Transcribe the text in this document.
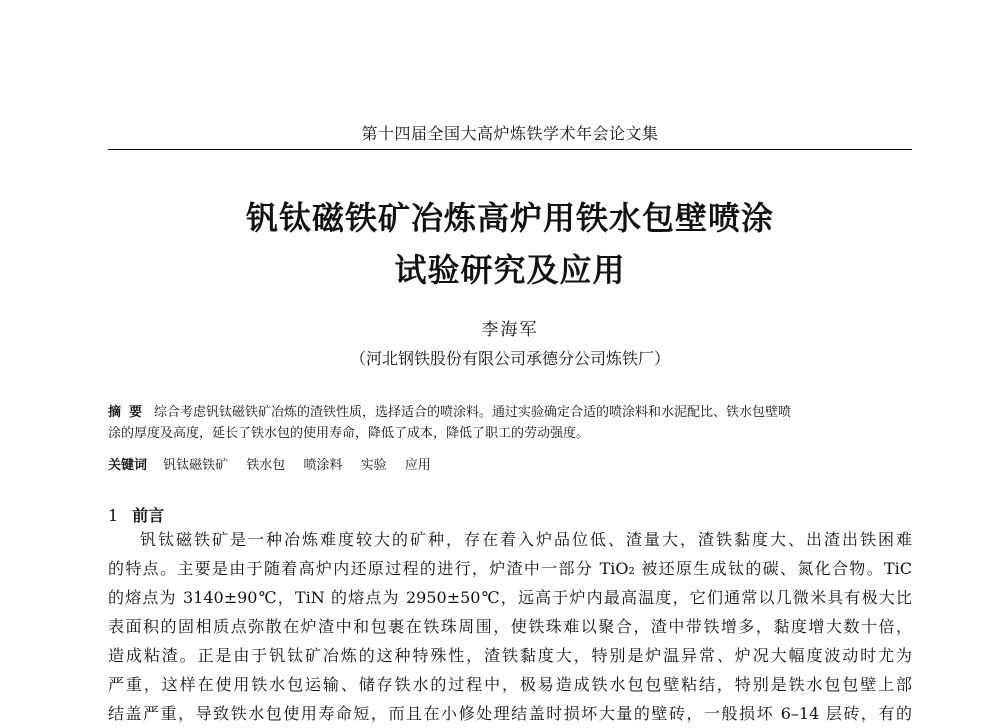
第十四届全国大高炉炼铁学术年会论文集
钒钛磁铁矿冶炼高炉用铁水包壁喷涂
试验研究及应用
李海军
（河北钢铁股份有限公司承德分公司炼铁厂）
摘要 综合考虑钒钛磁铁矿冶炼的渣铁性质，选择适合的喷涂料。通过实验确定合适的喷涂料和水泥配比、铁水包壁喷
涂的厚度及高度，延长了铁水包的使用寿命，降低了成本，降低了职工的劳动强度。
关键词 钒钛磁铁矿 铁水包 喷涂料 实验 应用
1 前言
钒钛磁铁矿是一种冶炼难度较大的矿种，存在着入炉品位低、渣量大，渣铁黏度大、出渣出铁困难
的特点。主要是由于随着高炉内还原过程的进行，炉渣中一部分 TiO₂ 被还原生成钛的碳、氮化合物。TiC
的熔点为 3140±90℃，TiN 的熔点为 2950±50℃，远高于炉内最高温度，它们通常以几微米具有极大比
表面积的固相质点弥散在炉渣中和包裹在铁珠周围，使铁珠难以聚合，渣中带铁增多，黏度增大数十倍，
造成粘渣。正是由于钒钛矿冶炼的这种特殊性，渣铁黏度大，特别是炉温异常、炉况大幅度波动时尤为
严重，这样在使用铁水包运输、储存铁水的过程中，极易造成铁水包包壁粘结，特别是铁水包包壁上部
结盖严重，导致铁水包使用寿命短，而且在小修处理结盖时损坏大量的壁砖，一般损坏 6–14 层砖，有的
